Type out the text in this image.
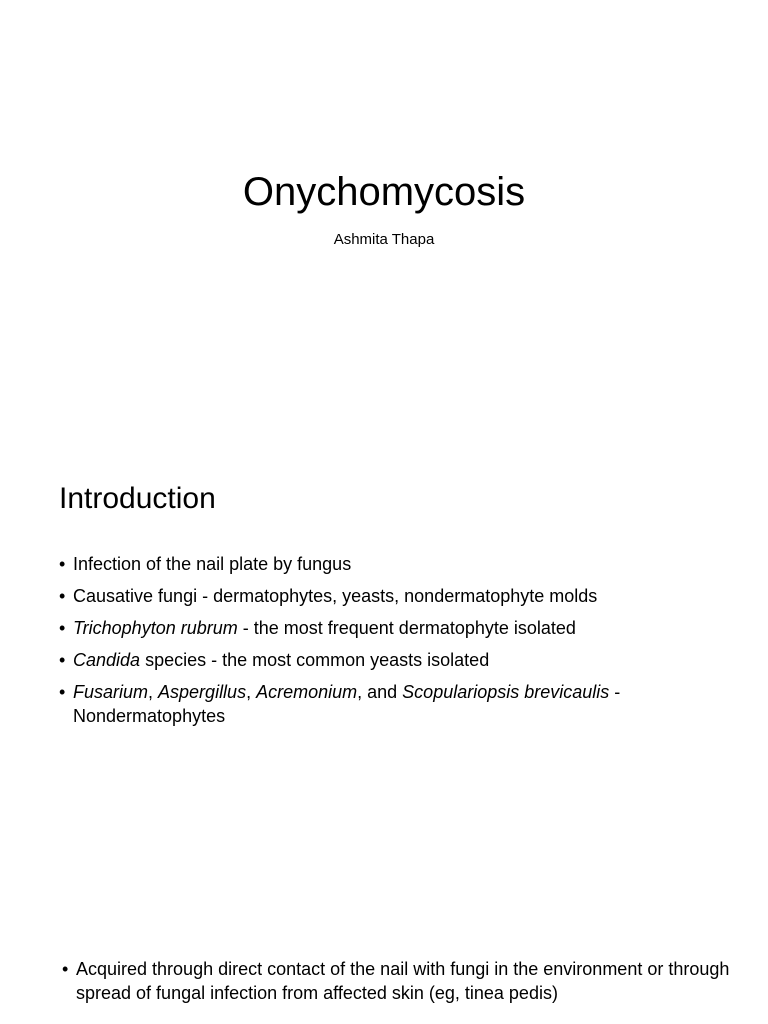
Onychomycosis
Ashmita Thapa
Introduction
• Infection of the nail plate by fungus
• Causative fungi - dermatophytes, yeasts, nondermatophyte molds
• Trichophyton rubrum - the most frequent dermatophyte isolated
• Candida species - the most common yeasts isolated
• Fusarium, Aspergillus, Acremonium, and Scopulariopsis brevicaulis - Nondermatophytes
• Acquired through direct contact of the nail with fungi in the environment or through spread of fungal infection from affected skin (eg, tinea pedis)
